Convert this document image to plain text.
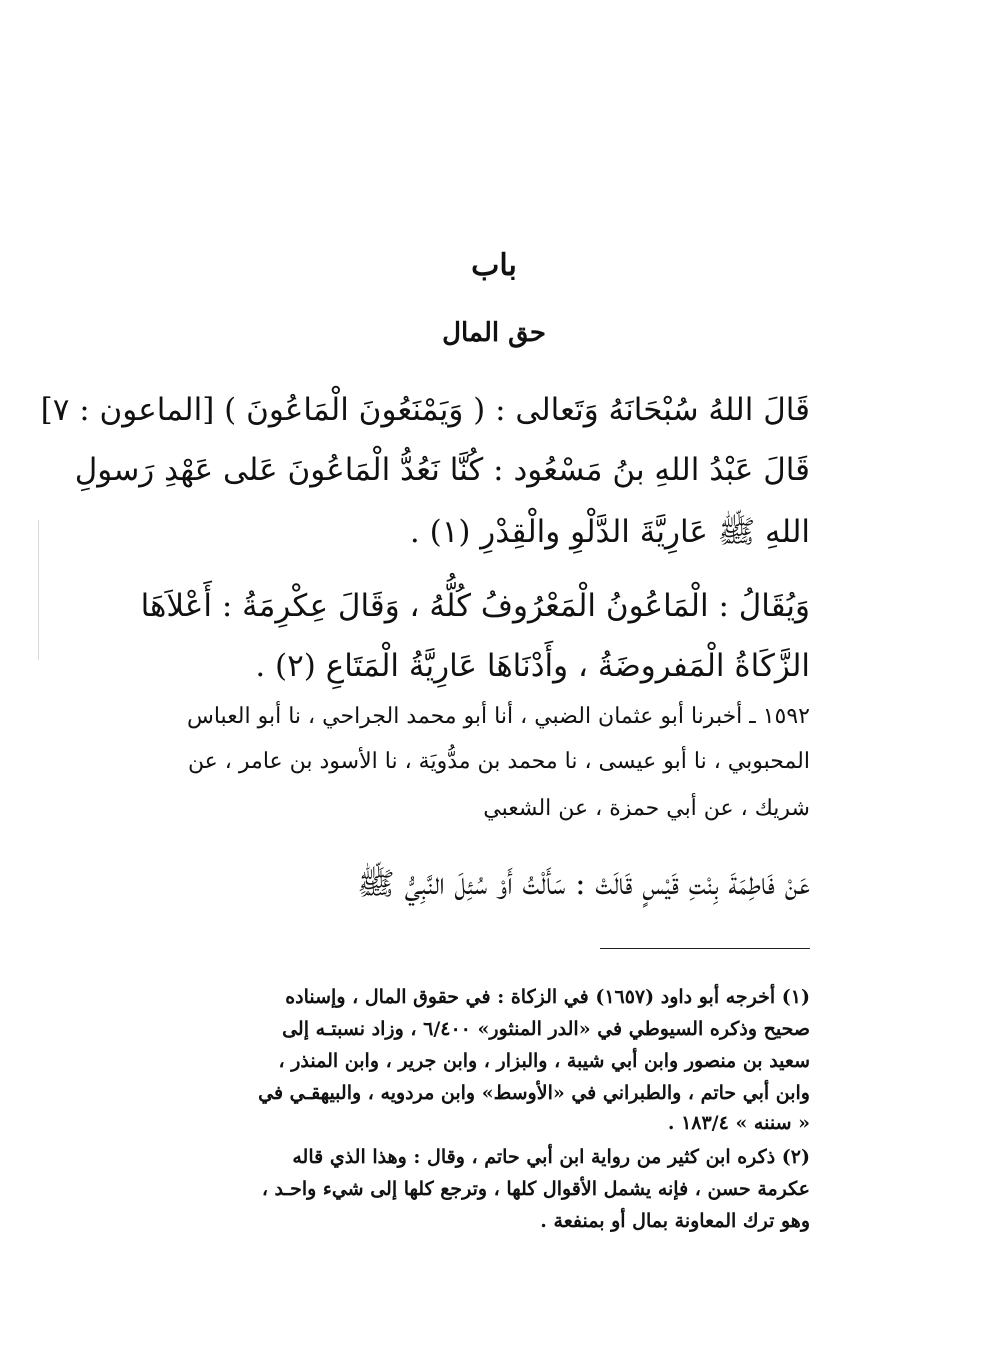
باب
حق المال
قَالَ اللهُ سُبْحَانَهُ وَتَعالى : ( وَيَمْنَعُونَ الْمَاعُونَ ) [الماعون : ٧]
قَالَ عَبْدُ اللهِ بنُ مَسْعُود : كُنَّا نَعُدُّ الْمَاعُونَ عَلى عَهْدِ رَسولِ
اللهِ ﷺ عَارِيَّةَ الدَّلْوِ والْقِدْرِ (١) .
وَيُقَالُ : الْمَاعُونُ الْمَعْرُوفُ كُلُّهُ ، وَقَالَ عِكْرِمَةُ : أَعْلاَهَا
الزَّكَاةُ الْمَفروضَةُ ، وأَدْنَاهَا عَارِيَّةُ الْمَتَاعِ (٢) .
١٥٩٢ ـ أخبرنا أبو عثمان الضبي ، أنا أبو محمد الجراحي ، نا أبو العباس
المحبوبي ، نا أبو عيسى ، نا محمد بن مدُّويَة ، نا الأسود بن عامر ، عن
شريك ، عن أبي حمزة ، عن الشعبي
عَنْ فَاطِمَةَ بِنْتِ قَيْسٍ قَالَتْ : سَأَلْتُ أَوْ سُئِلَ النَّبِيُّ ﷺ
(١) أخرجه أبو داود (١٦٥٧) في الزكاة : في حقوق المال ، وإسناده
صحيح وذكره السيوطي في «الدر المنثور» ٦/٤٠٠ ، وزاد نسبتـه إلى
سعيد بن منصور وابن أبي شيبة ، والبزار ، وابن جرير ، وابن المنذر ،
وابن أبي حاتم ، والطبراني في «الأوسط» وابن مردويه ، والبيهقـي في
« سننه » ١٨٣/٤ .
(٢) ذكره ابن كثير من رواية ابن أبي حاتم ، وقال : وهذا الذي قاله
عكرمة حسن ، فإنه يشمل الأقوال كلها ، وترجع كلها إلى شيء واحـد ،
وهو ترك المعاونة بمال أو بمنفعة .
